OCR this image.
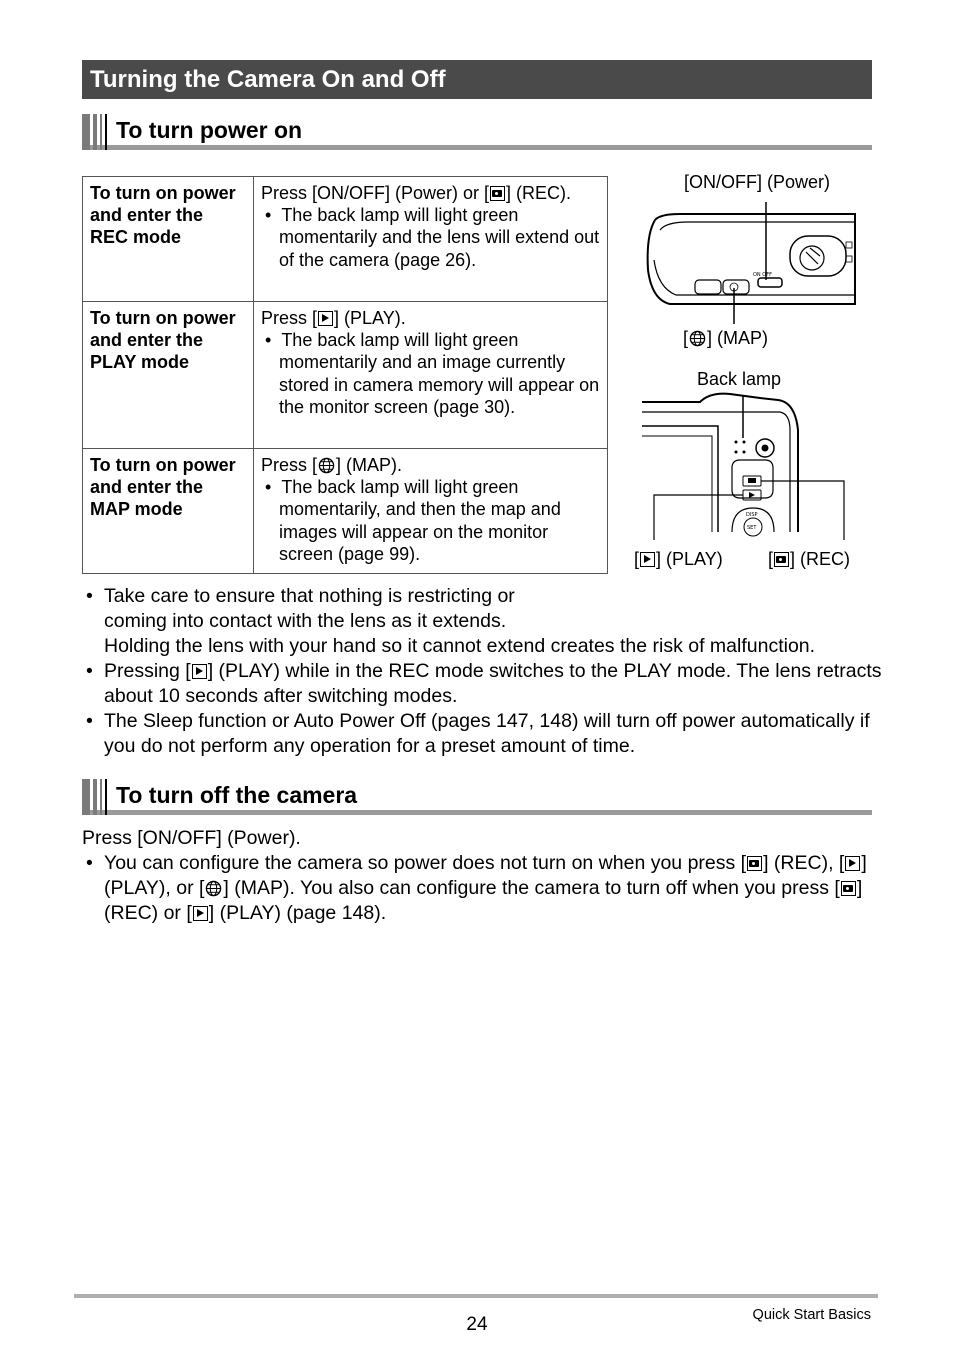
Turning the Camera On and Off
To turn power on
To turn on power and enter the REC mode	Press [ON/OFF] (Power) or [ ] (REC).
•  The back lamp will light green momentarily and the lens will extend out of the camera (page 26).

To turn on power and enter the PLAY mode	Press [ ] (PLAY).
•  The back lamp will light green momentarily and an image currently stored in camera memory will appear on the monitor screen (page 30).

To turn on power and enter the MAP mode	Press [ ] (MAP).
•  The back lamp will light green momentarily, and then the map and images will appear on the monitor screen (page 99).
[ON/OFF] (Power)
ON OFF
[ ] (MAP)
Back lamp
DISP
SET
[ ] (PLAY)	[ ] (REC)
• Take care to ensure that nothing is restricting or
coming into contact with the lens as it extends.
Holding the lens with your hand so it cannot extend creates the risk of malfunction.
• Pressing [ ] (PLAY) while in the REC mode switches to the PLAY mode. The lens retracts about 10 seconds after switching modes.
• The Sleep function or Auto Power Off (pages 147, 148) will turn off power automatically if you do not perform any operation for a preset amount of time.
To turn off the camera
Press [ON/OFF] (Power).
• You can configure the camera so power does not turn on when you press [ ] (REC), [ ] (PLAY), or [ ] (MAP). You also can configure the camera to turn off when you press [ ] (REC) or [ ] (PLAY) (page 148).
24	Quick Start Basics
